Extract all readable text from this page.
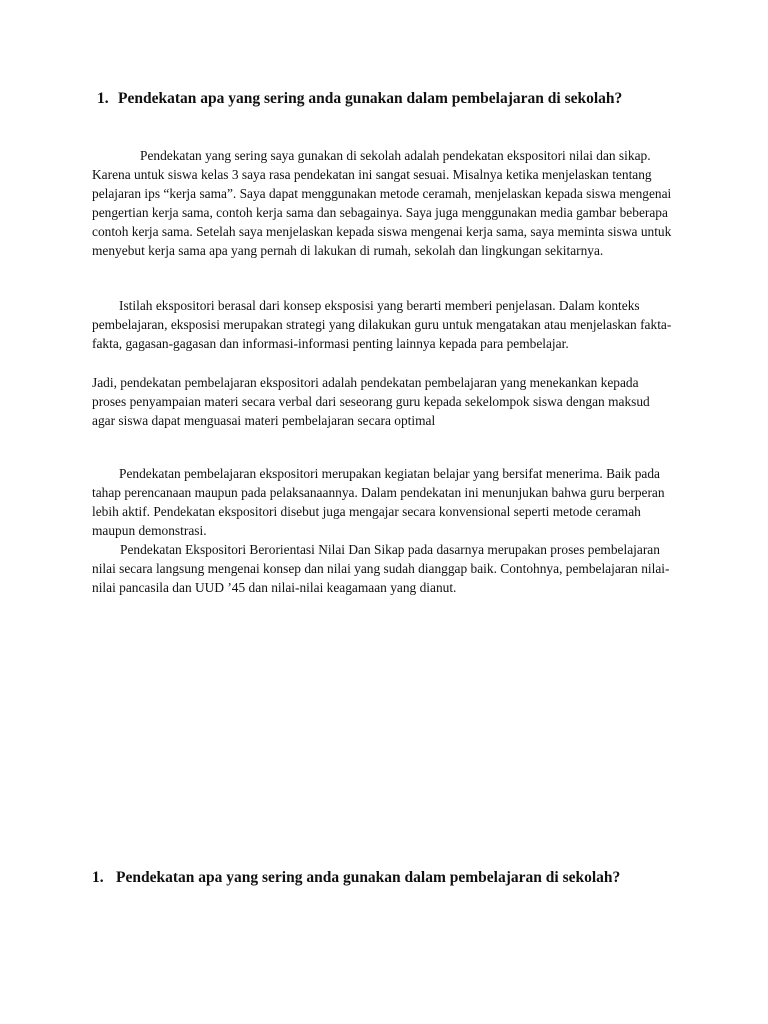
1. Pendekatan apa yang sering anda gunakan dalam pembelajaran di sekolah?

Pendekatan yang sering saya gunakan di sekolah adalah pendekatan ekspositori nilai dan sikap. Karena untuk siswa kelas 3 saya rasa pendekatan ini sangat sesuai. Misalnya ketika menjelaskan tentang pelajaran ips “kerja sama”. Saya dapat menggunakan metode ceramah, menjelaskan kepada siswa mengenai pengertian kerja sama, contoh kerja sama dan sebagainya. Saya juga menggunakan media gambar beberapa contoh kerja sama. Setelah saya menjelaskan kepada siswa mengenai kerja sama, saya meminta siswa untuk menyebut kerja sama apa yang pernah di lakukan di rumah, sekolah dan lingkungan sekitarnya.

Istilah ekspositori berasal dari konsep eksposisi yang berarti memberi penjelasan. Dalam konteks pembelajaran, eksposisi merupakan strategi yang dilakukan guru untuk mengatakan atau menjelaskan fakta-fakta, gagasan-gagasan dan informasi-informasi penting lainnya kepada para pembelajar.

Jadi, pendekatan pembelajaran ekspositori adalah pendekatan pembelajaran yang menekankan kepada proses penyampaian materi secara verbal dari seseorang guru kepada sekelompok siswa dengan maksud agar siswa dapat menguasai materi pembelajaran secara optimal

Pendekatan pembelajaran ekspositori merupakan kegiatan belajar yang bersifat menerima. Baik pada tahap perencanaan maupun pada pelaksanaannya. Dalam pendekatan ini menunjukan bahwa guru berperan lebih aktif. Pendekatan ekspositori disebut juga mengajar secara konvensional seperti metode ceramah maupun demonstrasi.

Pendekatan Ekspositori Berorientasi Nilai Dan Sikap pada dasarnya merupakan proses pembelajaran nilai secara langsung mengenai konsep dan nilai yang sudah dianggap baik. Contohnya, pembelajaran nilai-nilai pancasila dan UUD ’45 dan nilai-nilai keagamaan yang dianut.

1. Pendekatan apa yang sering anda gunakan dalam pembelajaran di sekolah?
